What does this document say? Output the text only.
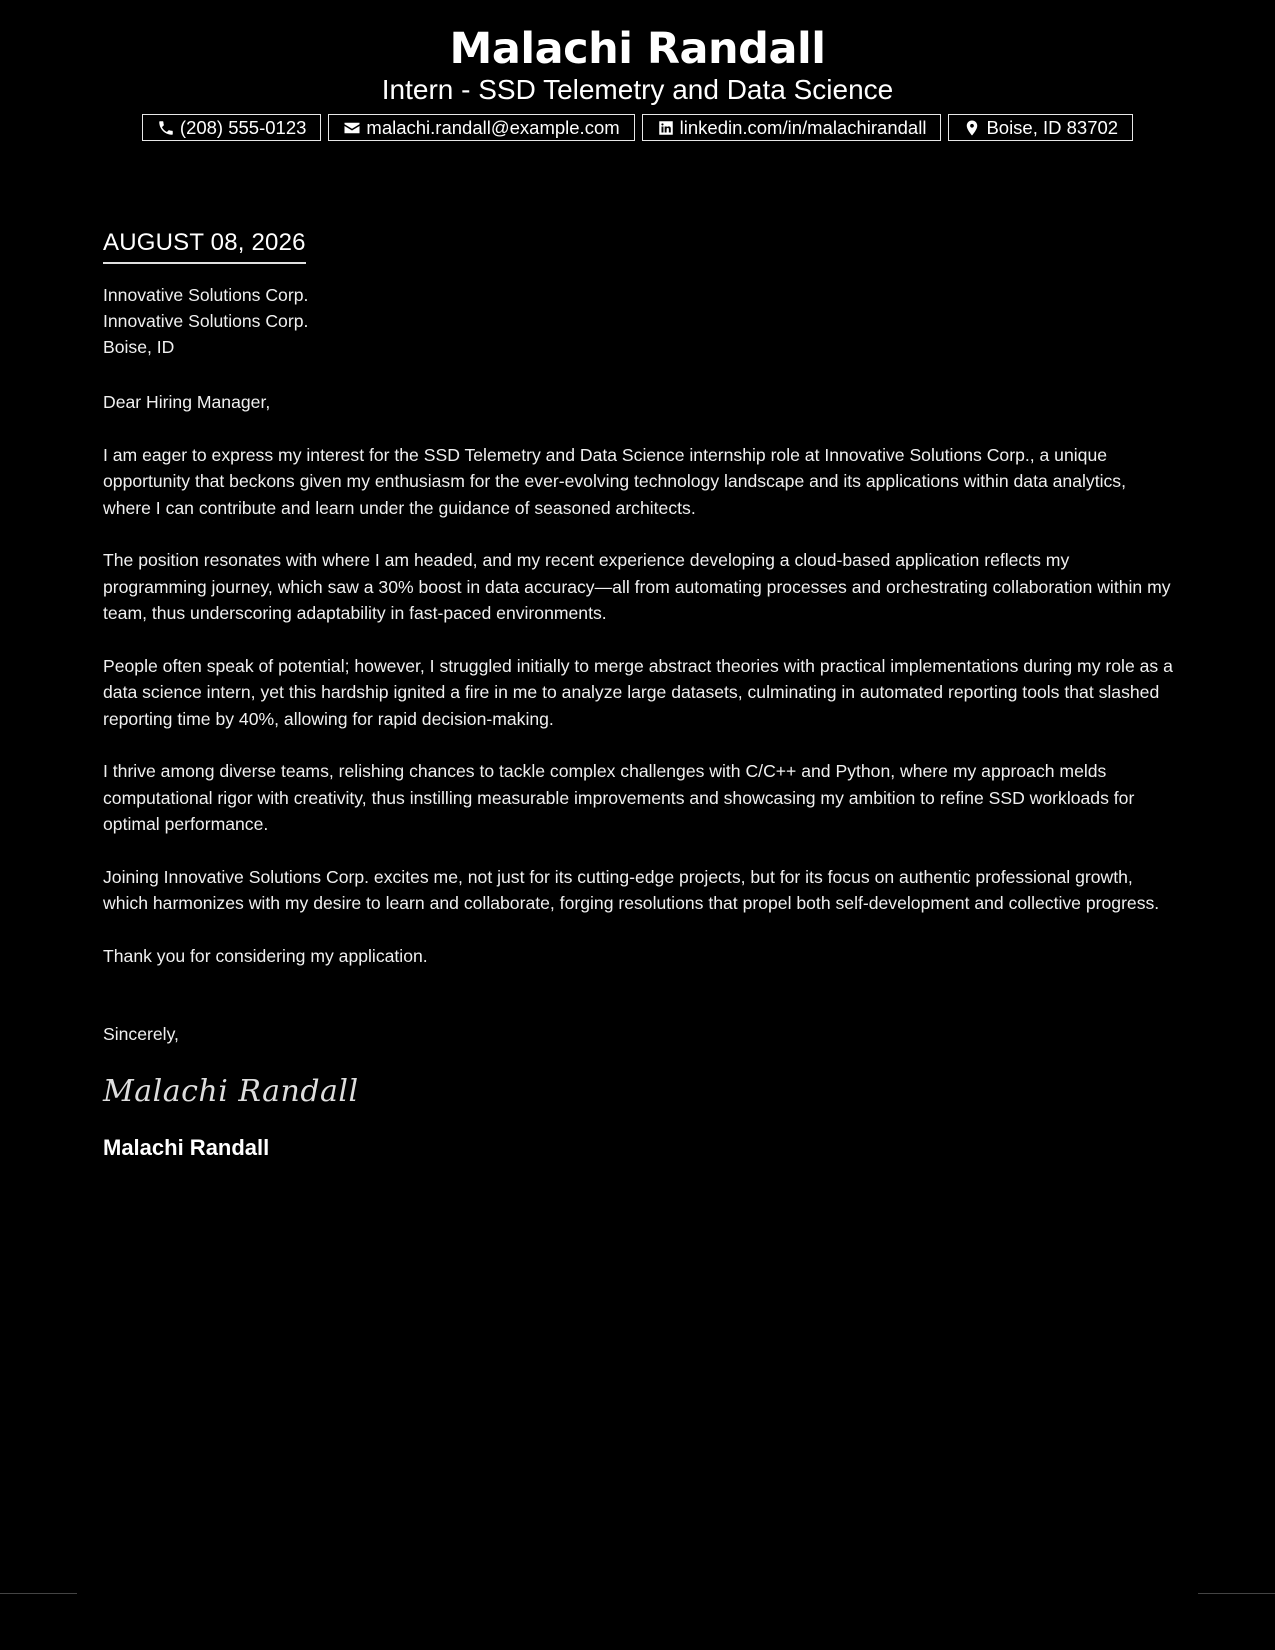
Malachi Randall
Intern - SSD Telemetry and Data Science
(208) 555-0123	malachi.randall@example.com	linkedin.com/in/malachirandall	Boise, ID 83702
AUGUST 08, 2026
Innovative Solutions Corp.
Innovative Solutions Corp.
Boise, ID
Dear Hiring Manager,
I am eager to express my interest for the SSD Telemetry and Data Science internship role at Innovative Solutions Corp., a unique opportunity that beckons given my enthusiasm for the ever-evolving technology landscape and its applications within data analytics, where I can contribute and learn under the guidance of seasoned architects.
The position resonates with where I am headed, and my recent experience developing a cloud-based application reflects my programming journey, which saw a 30% boost in data accuracy—all from automating processes and orchestrating collaboration within my team, thus underscoring adaptability in fast-paced environments.
People often speak of potential; however, I struggled initially to merge abstract theories with practical implementations during my role as a data science intern, yet this hardship ignited a fire in me to analyze large datasets, culminating in automated reporting tools that slashed reporting time by 40%, allowing for rapid decision-making.
I thrive among diverse teams, relishing chances to tackle complex challenges with C/C++ and Python, where my approach melds computational rigor with creativity, thus instilling measurable improvements and showcasing my ambition to refine SSD workloads for optimal performance.
Joining Innovative Solutions Corp. excites me, not just for its cutting-edge projects, but for its focus on authentic professional growth, which harmonizes with my desire to learn and collaborate, forging resolutions that propel both self-development and collective progress.
Thank you for considering my application.
Sincerely,
Malachi Randall
Malachi Randall
